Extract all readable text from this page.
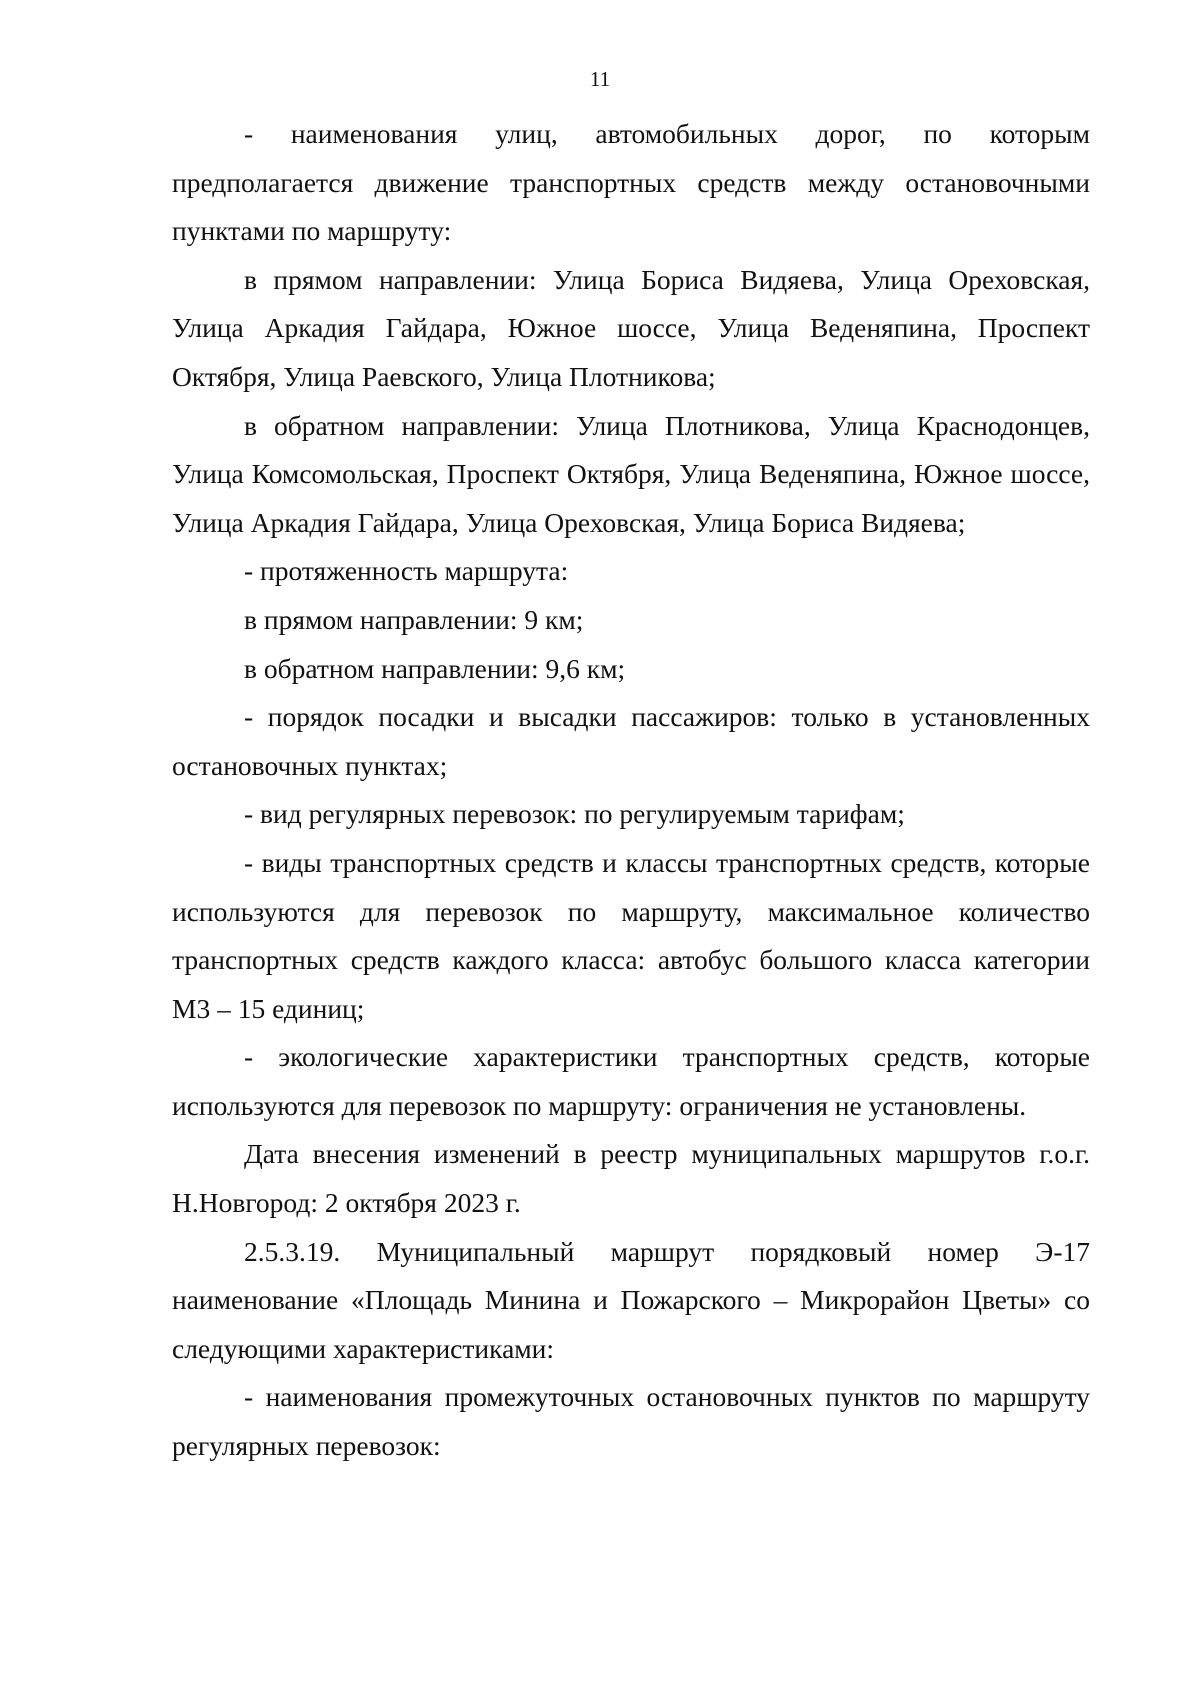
11

- наименования улиц, автомобильных дорог, по которым предполагается движение транспортных средств между остановочными пунктами по маршруту:

в прямом направлении: Улица Бориса Видяева, Улица Ореховская, Улица Аркадия Гайдара, Южное шоссе, Улица Веденяпина, Проспект Октября, Улица Раевского, Улица Плотникова;

в обратном направлении: Улица Плотникова, Улица Краснодонцев, Улица Комсомольская, Проспект Октября, Улица Веденяпина, Южное шоссе, Улица Аркадия Гайдара, Улица Ореховская, Улица Бориса Видяева;

- протяженность маршрута:

в прямом направлении: 9 км;

в обратном направлении: 9,6 км;

- порядок посадки и высадки пассажиров: только в установленных остановочных пунктах;

- вид регулярных перевозок: по регулируемым тарифам;

- виды транспортных средств и классы транспортных средств, которые используются для перевозок по маршруту, максимальное количество транспортных средств каждого класса: автобус большого класса категории М3 – 15 единиц;

- экологические характеристики транспортных средств, которые используются для перевозок по маршруту: ограничения не установлены.

Дата внесения изменений в реестр муниципальных маршрутов г.о.г. Н.Новгород: 2 октября 2023 г.

2.5.3.19. Муниципальный маршрут порядковый номер Э-17 наименование «Площадь Минина и Пожарского – Микрорайон Цветы» со следующими характеристиками:

- наименования промежуточных остановочных пунктов по маршруту регулярных перевозок:
